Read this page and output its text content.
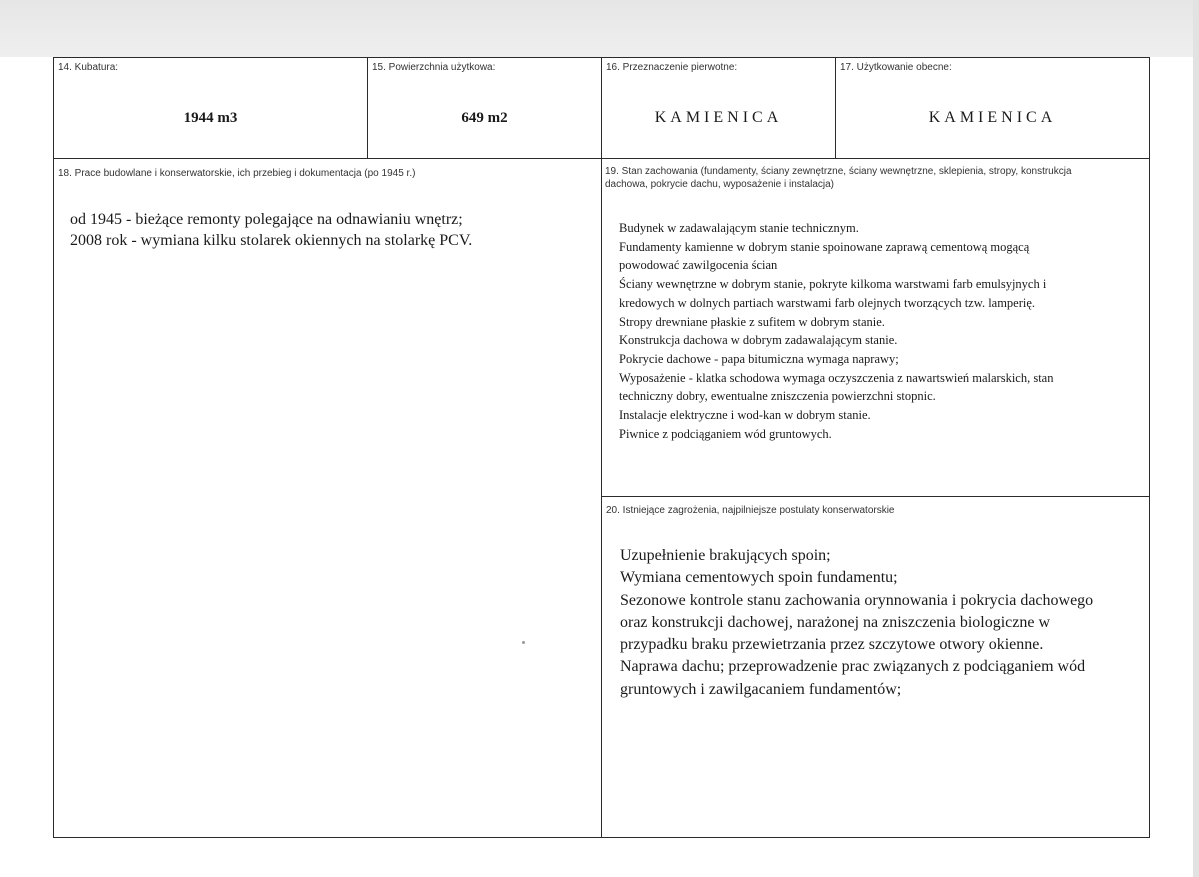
14. Kubatura:
1944 m3
15. Powierzchnia użytkowa:
649 m2
16. Przeznaczenie pierwotne:
KAMIENICA
17. Użytkowanie obecne:
KAMIENICA
18. Prace budowlane i konserwatorskie, ich przebieg i dokumentacja (po 1945 r.)
od 1945 - bieżące remonty polegające na odnawianiu wnętrz;
2008 rok - wymiana kilku stolarek okiennych na stolarkę PCV.
19. Stan zachowania (fundamenty, ściany zewnętrzne, ściany wewnętrzne, sklepienia, stropy, konstrukcja
dachowa, pokrycie dachu, wyposażenie i instalacja)
Budynek w zadawalającym stanie technicznym.
Fundamenty kamienne w dobrym stanie spoinowane zaprawą cementową mogącą
powodować zawilgocenia ścian
Ściany wewnętrzne w dobrym stanie, pokryte kilkoma warstwami farb emulsyjnych i
kredowych w dolnych partiach warstwami farb olejnych tworzących tzw. lamperię.
Stropy drewniane płaskie z sufitem w dobrym stanie.
Konstrukcja dachowa w dobrym zadawalającym stanie.
Pokrycie dachowe - papa bitumiczna wymaga naprawy;
Wyposażenie - klatka schodowa wymaga oczyszczenia z nawartswień malarskich, stan
techniczny dobry, ewentualne zniszczenia powierzchni stopnic.
Instalacje elektryczne i wod-kan w dobrym stanie.
Piwnice z podciąganiem wód gruntowych.
20. Istniejące zagrożenia, najpilniejsze postulaty konserwatorskie
Uzupełnienie brakujących spoin;
Wymiana cementowych spoin fundamentu;
Sezonowe kontrole stanu zachowania orynnowania i pokrycia dachowego
oraz konstrukcji dachowej, narażonej na zniszczenia biologiczne w
przypadku braku przewietrzania przez szczytowe otwory okienne.
Naprawa dachu; przeprowadzenie prac związanych z podciąganiem wód
gruntowych i zawilgacaniem fundamentów;
